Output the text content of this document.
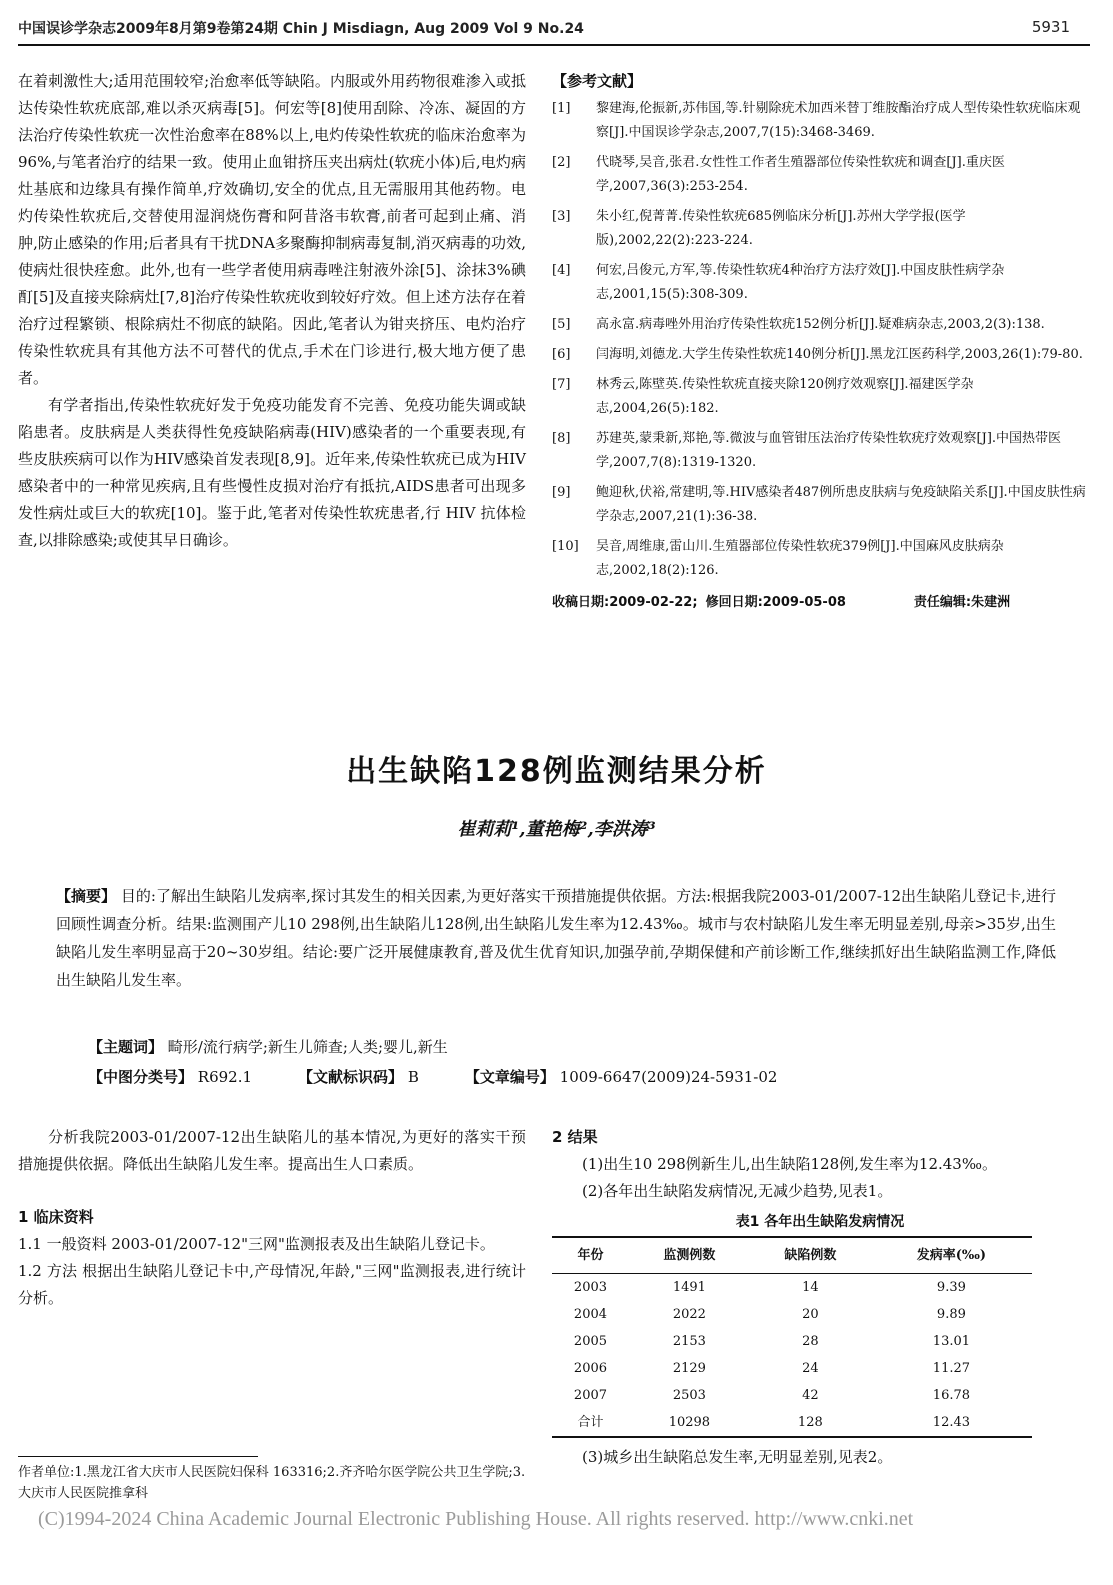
中国误诊学杂志2009年8月第9卷第24期 Chin J Misdiagn, Aug 2009 Vol 9 No.24	5931

在着刺激性大;适用范围较窄;治愈率低等缺陷。内服或外用药物很难渗入或抵达传染性软疣底部,难以杀灭病毒[5]。何宏等[8]使用刮除、冷冻、凝固的方法治疗传染性软疣一次性治愈率在88%以上,电灼传染性软疣的临床治愈率为96%,与笔者治疗的结果一致。使用止血钳挤压夹出病灶(软疣小体)后,电灼病灶基底和边缘具有操作简单,疗效确切,安全的优点,且无需服用其他药物。电灼传染性软疣后,交替使用湿润烧伤膏和阿昔洛韦软膏,前者可起到止痛、消肿,防止感染的作用;后者具有干扰DNA多聚酶抑制病毒复制,消灭病毒的功效,使病灶很快痊愈。此外,也有一些学者使用病毒唑注射液外涂[5]、涂抹3%碘酊[5]及直接夹除病灶[7,8]治疗传染性软疣收到较好疗效。但上述方法存在着治疗过程繁锁、根除病灶不彻底的缺陷。因此,笔者认为钳夹挤压、电灼治疗传染性软疣具有其他方法不可替代的优点,手术在门诊进行,极大地方便了患者。

有学者指出,传染性软疣好发于免疫功能发育不完善、免疫功能失调或缺陷患者。皮肤病是人类获得性免疫缺陷病毒(HIV)感染者的一个重要表现,有些皮肤疾病可以作为HIV感染首发表现[8,9]。近年来,传染性软疣已成为HIV感染者中的一种常见疾病,且有些慢性皮损对治疗有抵抗,AIDS患者可出现多发性病灶或巨大的软疣[10]。鉴于此,笔者对传染性软疣患者,行 HIV 抗体检查,以排除感染;或使其早日确诊。

【参考文献】
[1]	黎建海,伦振新,苏伟国,等.针剔除疣术加西米替丁维胺酯治疗成人型传染性软疣临床观察[J].中国误诊学杂志,2007,7(15):3468-3469.
[2]	代晓琴,吴音,张君.女性性工作者生殖器部位传染性软疣和调查[J].重庆医学,2007,36(3):253-254.
[3]	朱小红,倪菁菁.传染性软疣685例临床分析[J].苏州大学学报(医学版),2002,22(2):223-224.
[4]	何宏,吕俊元,方军,等.传染性软疣4种治疗方法疗效[J].中国皮肤性病学杂志,2001,15(5):308-309.
[5]	高永富.病毒唑外用治疗传染性软疣152例分析[J].疑难病杂志,2003,2(3):138.
[6]	闫海明,刘德龙.大学生传染性软疣140例分析[J].黑龙江医药科学,2003,26(1):79-80.
[7]	林秀云,陈壁英.传染性软疣直接夹除120例疗效观察[J].福建医学杂志,2004,26(5):182.
[8]	苏建英,蒙秉新,郑艳,等.微波与血管钳压法治疗传染性软疣疗效观察[J].中国热带医学,2007,7(8):1319-1320.
[9]	鲍迎秋,伏裕,常建明,等.HIV感染者487例所患皮肤病与免疫缺陷关系[J].中国皮肤性病学杂志,2007,21(1):36-38.
[10]	吴音,周维康,雷山川.生殖器部位传染性软疣379例[J].中国麻风皮肤病杂志,2002,18(2):126.
收稿日期:2009-02-22; 修回日期:2009-05-08	责任编辑:朱建洲
出生缺陷128例监测结果分析
崔莉莉¹,董艳梅²,李洪涛³

【摘要】 目的:了解出生缺陷儿发病率,探讨其发生的相关因素,为更好落实干预措施提供依据。方法:根据我院2003-01/2007-12出生缺陷儿登记卡,进行回顾性调查分析。结果:监测围产儿10 298例,出生缺陷儿128例,出生缺陷儿发生率为12.43‰。城市与农村缺陷儿发生率无明显差别,母亲>35岁,出生缺陷儿发生率明显高于20~30岁组。结论:要广泛开展健康教育,普及优生优育知识,加强孕前,孕期保健和产前诊断工作,继续抓好出生缺陷监测工作,降低出生缺陷儿发生率。

【主题词】 畸形/流行病学;新生儿筛查;人类;婴儿,新生
【中图分类号】 R692.1	【文献标识码】 B	【文章编号】 1009-6647(2009)24-5931-02

分析我院2003-01/2007-12出生缺陷儿的基本情况,为更好的落实干预措施提供依据。降低出生缺陷儿发生率。提高出生人口素质。

1 临床资料

1.1 一般资料 2003-01/2007-12"三网"监测报表及出生缺陷儿登记卡。

1.2 方法 根据出生缺陷儿登记卡中,产母情况,年龄,"三网"监测报表,进行统计分析。

2 结果

(1)出生10 298例新生儿,出生缺陷128例,发生率为12.43‰。

(2)各年出生缺陷发病情况,无减少趋势,见表1。

表1 各年出生缺陷发病情况
年份	监测例数	缺陷例数	发病率(‰)
2003	1491	14	9.39
2004	2022	20	9.89
2005	2153	28	13.01
2006	2129	24	11.27
2007	2503	42	16.78
合计	10298	128	12.43

(3)城乡出生缺陷总发生率,无明显差别,见表2。

作者单位:1.黑龙江省大庆市人民医院妇保科 163316;2.齐齐哈尔医学院公共卫生学院;3.大庆市人民医院推拿科
(C)1994-2024 China Academic Journal Electronic Publishing House. All rights reserved. http://www.cnki.net
